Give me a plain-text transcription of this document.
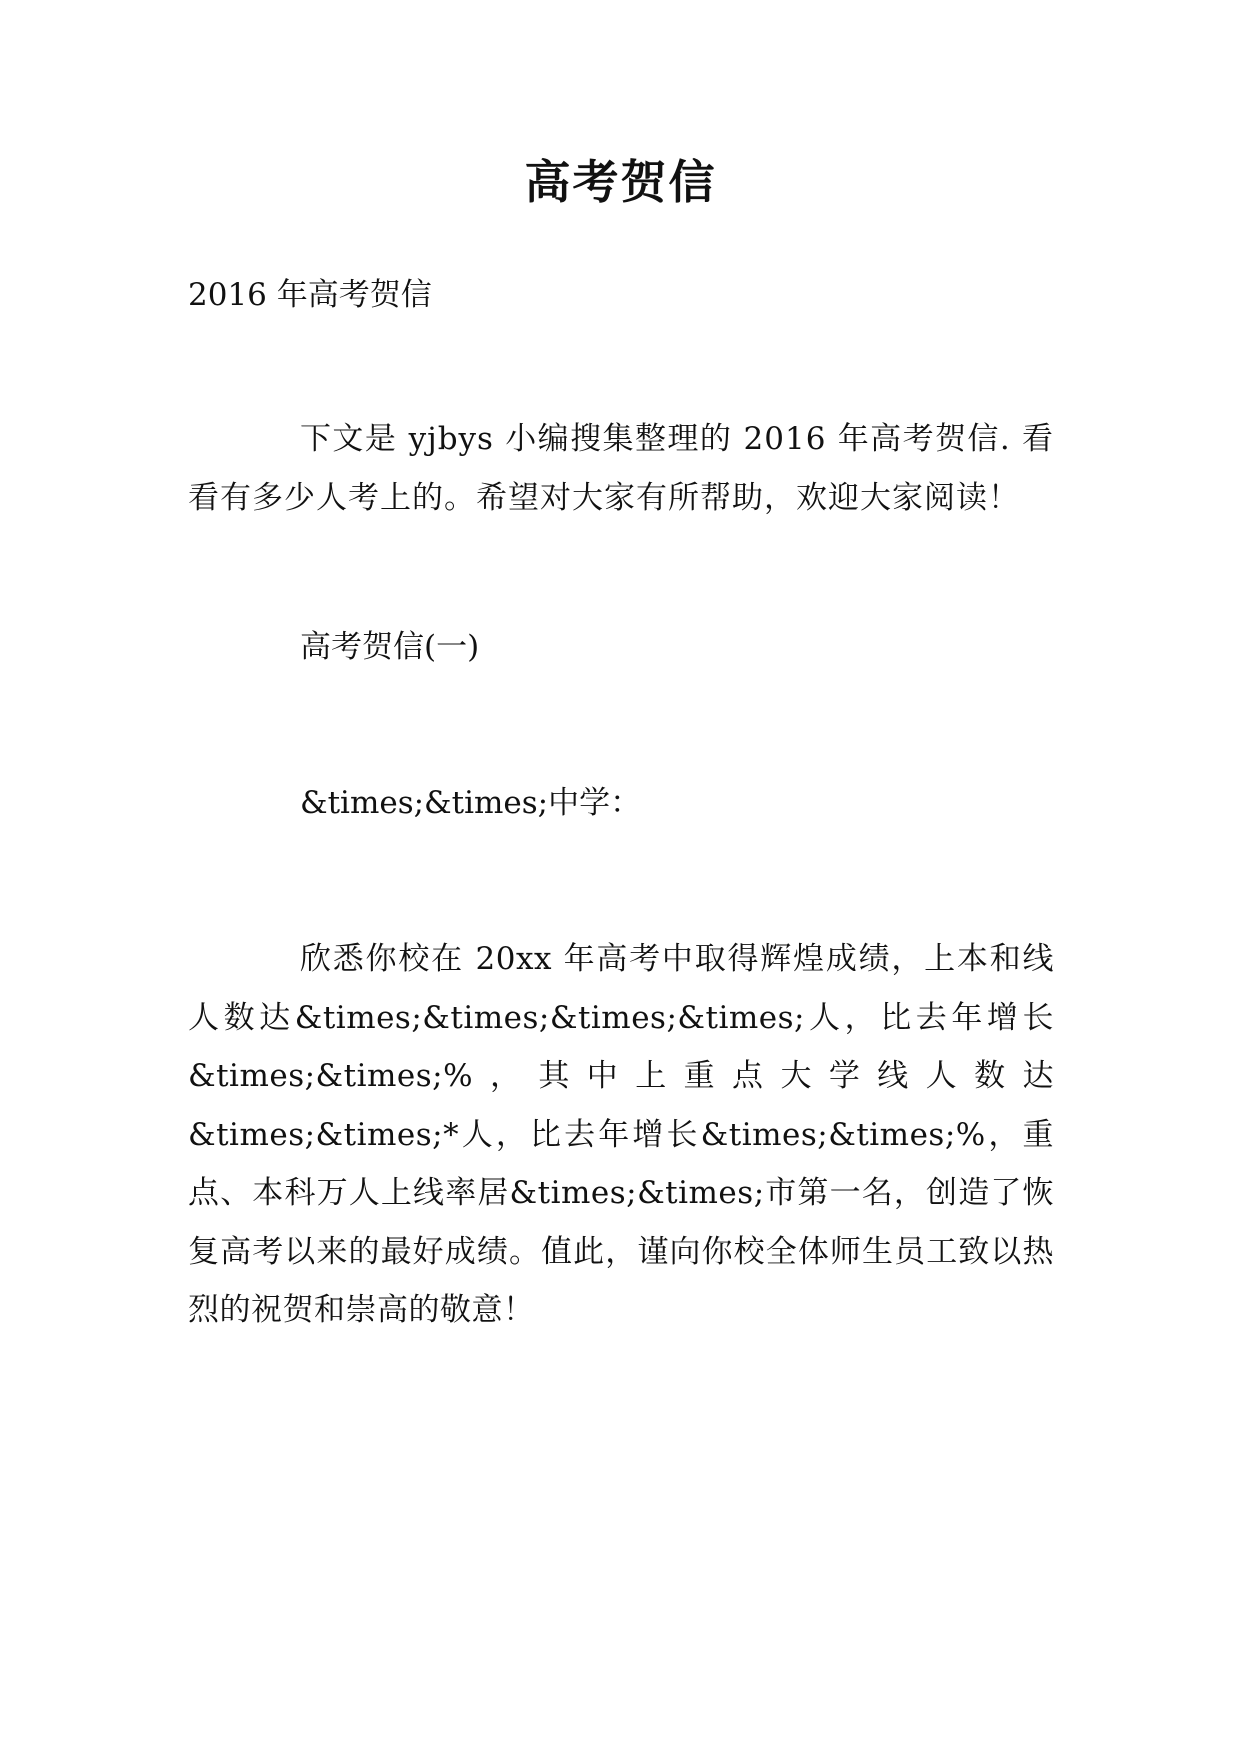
高考贺信

2016 年高考贺信

下文是 yjbys 小编搜集整理的 2016 年高考贺信. 看看有多少人考上的。希望对大家有所帮助，欢迎大家阅读！

高考贺信(一)

&times;&times;中学：

欣悉你校在 20xx 年高考中取得辉煌成绩，上本和线人数达&times;&times;&times;&times;人，比去年增长&times;&times;%，其中上重点大学线人数达&times;&times;*人，比去年增长&times;&times;%，重点、本科万人上线率居&times;&times;市第一名，创造了恢复高考以来的最好成绩。值此，谨向你校全体师生员工致以热烈的祝贺和崇高的敬意！
